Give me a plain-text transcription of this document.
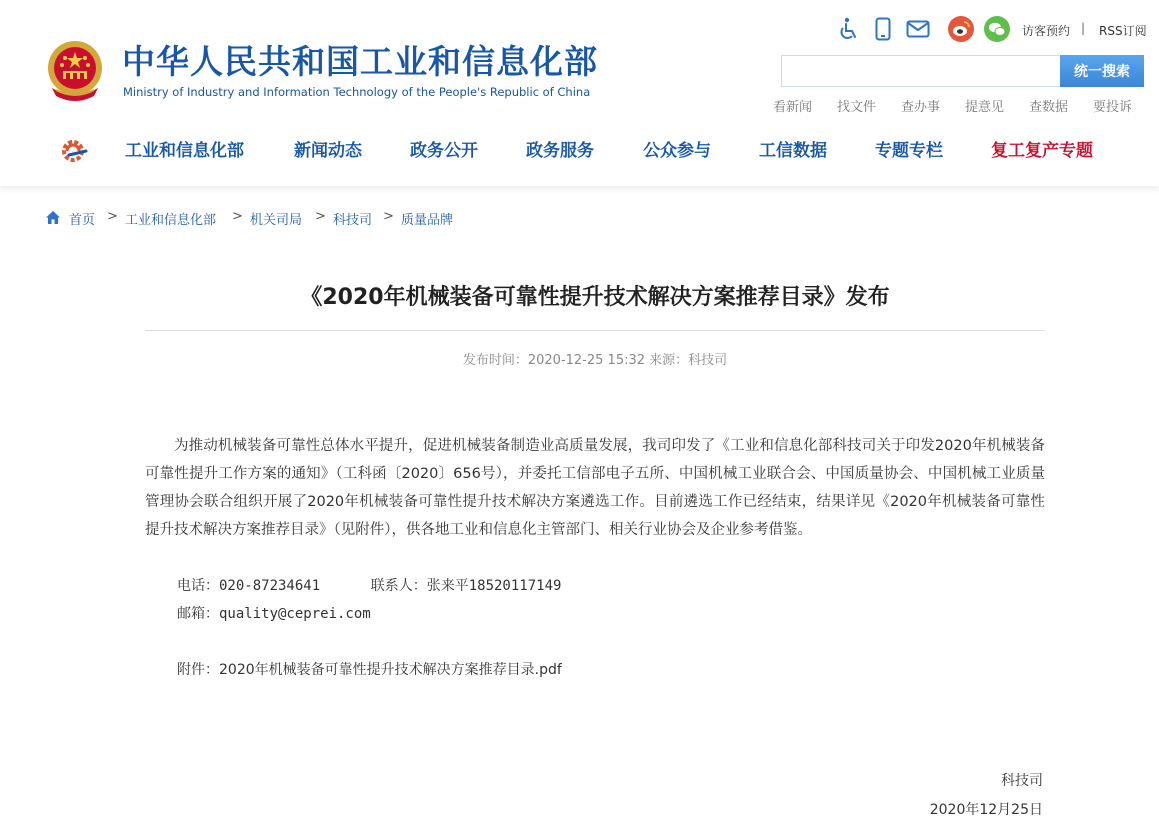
中华人民共和国工业和信息化部
Ministry of Industry and Information Technology of the People's Republic of China
访客预约 | RSS订阅
统一搜索
看新闻 找文件 查办事 提意见 查数据 要投诉
工业和信息化部	新闻动态	政务公开	政务服务	公众参与	工信数据	专题专栏	复工复产专题
首页 > 工业和信息化部 > 机关司局 > 科技司 > 质量品牌
《2020年机械装备可靠性提升技术解决方案推荐目录》发布
发布时间：2020-12-25 15:32 来源：科技司
为推动机械装备可靠性总体水平提升，促进机械装备制造业高质量发展，我司印发了《工业和信息化部科技司关于印发2020年机械装备可靠性提升工作方案的通知》（工科函〔2020〕656号），并委托工信部电子五所、中国机械工业联合会、中国质量协会、中国机械工业质量管理协会联合组织开展了2020年机械装备可靠性提升技术解决方案遴选工作。目前遴选工作已经结束，结果详见《2020年机械装备可靠性提升技术解决方案推荐目录》（见附件），供各地工业和信息化主管部门、相关行业协会及企业参考借鉴。
电话：020-87234641      联系人：张来平18520117149
邮箱：quality@ceprei.com
附件：2020年机械装备可靠性提升技术解决方案推荐目录.pdf
科技司
2020年12月25日
